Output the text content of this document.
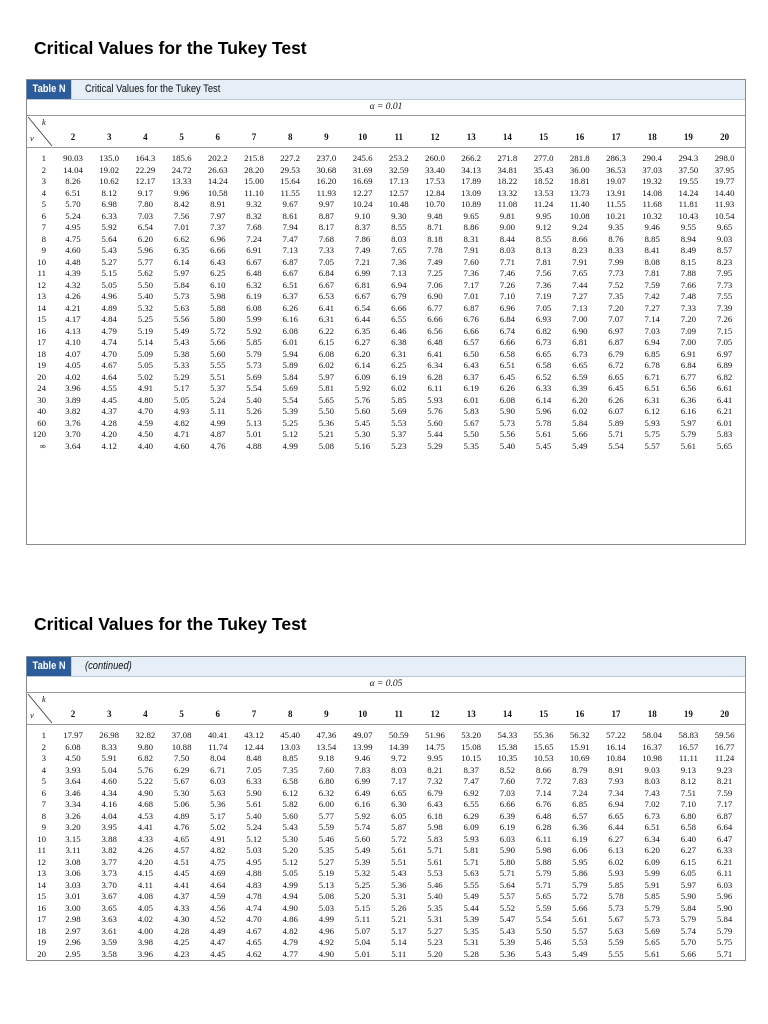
Critical Values for the Tukey Test
Table N	Critical Values for the Tukey Test
α = 0.01
k
ν	2	3	4	5	6	7	8	9	10	11	12	13	14	15	16	17	18	19	20
1	90.03	135.0	164.3	185.6	202.2	215.8	227.2	237.0	245.6	253.2	260.0	266.2	271.8	277.0	281.8	286.3	290.4	294.3	298.0
2	14.04	19.02	22.29	24.72	26.63	28.20	29.53	30.68	31.69	32.59	33.40	34.13	34.81	35.43	36.00	36.53	37.03	37.50	37.95
3	8.26	10.62	12.17	13.33	14.24	15.00	15.64	16.20	16.69	17.13	17.53	17.89	18.22	18.52	18.81	19.07	19.32	19.55	19.77
4	6.51	8.12	9.17	9.96	10.58	11.10	11.55	11.93	12.27	12.57	12.84	13.09	13.32	13.53	13.73	13.91	14.08	14.24	14.40
5	5.70	6.98	7.80	8.42	8.91	9.32	9.67	9.97	10.24	10.48	10.70	10.89	11.08	11.24	11.40	11.55	11.68	11.81	11.93
6	5.24	6.33	7.03	7.56	7.97	8.32	8.61	8.87	9.10	9.30	9.48	9.65	9.81	9.95	10.08	10.21	10.32	10.43	10.54
7	4.95	5.92	6.54	7.01	7.37	7.68	7.94	8.17	8.37	8.55	8.71	8.86	9.00	9.12	9.24	9.35	9.46	9.55	9.65
8	4.75	5.64	6.20	6.62	6.96	7.24	7.47	7.68	7.86	8.03	8.18	8.31	8.44	8.55	8.66	8.76	8.85	8.94	9.03
9	4.60	5.43	5.96	6.35	6.66	6.91	7.13	7.33	7.49	7.65	7.78	7.91	8.03	8.13	8.23	8.33	8.41	8.49	8.57
10	4.48	5.27	5.77	6.14	6.43	6.67	6.87	7.05	7.21	7.36	7.49	7.60	7.71	7.81	7.91	7.99	8.08	8.15	8.23
11	4.39	5.15	5.62	5.97	6.25	6.48	6.67	6.84	6.99	7.13	7.25	7.36	7.46	7.56	7.65	7.73	7.81	7.88	7.95
12	4.32	5.05	5.50	5.84	6.10	6.32	6.51	6.67	6.81	6.94	7.06	7.17	7.26	7.36	7.44	7.52	7.59	7.66	7.73
13	4.26	4.96	5.40	5.73	5.98	6.19	6.37	6.53	6.67	6.79	6.90	7.01	7.10	7.19	7.27	7.35	7.42	7.48	7.55
14	4.21	4.89	5.32	5.63	5.88	6.08	6.26	6.41	6.54	6.66	6.77	6.87	6.96	7.05	7.13	7.20	7.27	7.33	7.39
15	4.17	4.84	5.25	5.56	5.80	5.99	6.16	6.31	6.44	6.55	6.66	6.76	6.84	6.93	7.00	7.07	7.14	7.20	7.26
16	4.13	4.79	5.19	5.49	5.72	5.92	6.08	6.22	6.35	6.46	6.56	6.66	6.74	6.82	6.90	6.97	7.03	7.09	7.15
17	4.10	4.74	5.14	5.43	5.66	5.85	6.01	6.15	6.27	6.38	6.48	6.57	6.66	6.73	6.81	6.87	6.94	7.00	7.05
18	4.07	4.70	5.09	5.38	5.60	5.79	5.94	6.08	6.20	6.31	6.41	6.50	6.58	6.65	6.73	6.79	6.85	6.91	6.97
19	4.05	4.67	5.05	5.33	5.55	5.73	5.89	6.02	6.14	6.25	6.34	6.43	6.51	6.58	6.65	6.72	6.78	6.84	6.89
20	4.02	4.64	5.02	5.29	5.51	5.69	5.84	5.97	6.09	6.19	6.28	6.37	6.45	6.52	6.59	6.65	6.71	6.77	6.82
24	3.96	4.55	4.91	5.17	5.37	5.54	5.69	5.81	5.92	6.02	6.11	6.19	6.26	6.33	6.39	6.45	6.51	6.56	6.61
30	3.89	4.45	4.80	5.05	5.24	5.40	5.54	5.65	5.76	5.85	5.93	6.01	6.08	6.14	6.20	6.26	6.31	6.36	6.41
40	3.82	4.37	4.70	4.93	5.11	5.26	5.39	5.50	5.60	5.69	5.76	5.83	5.90	5.96	6.02	6.07	6.12	6.16	6.21
60	3.76	4.28	4.59	4.82	4.99	5.13	5.25	5.36	5.45	5.53	5.60	5.67	5.73	5.78	5.84	5.89	5.93	5.97	6.01
120	3.70	4.20	4.50	4.71	4.87	5.01	5.12	5.21	5.30	5.37	5.44	5.50	5.56	5.61	5.66	5.71	5.75	5.79	5.83
∞	3.64	4.12	4.40	4.60	4.76	4.88	4.99	5.08	5.16	5.23	5.29	5.35	5.40	5.45	5.49	5.54	5.57	5.61	5.65
Critical Values for the Tukey Test
Table N	(continued)
α = 0.05
k
ν	2	3	4	5	6	7	8	9	10	11	12	13	14	15	16	17	18	19	20
1	17.97	26.98	32.82	37.08	40.41	43.12	45.40	47.36	49.07	50.59	51.96	53.20	54.33	55.36	56.32	57.22	58.04	58.83	59.56
2	6.08	8.33	9.80	10.88	11.74	12.44	13.03	13.54	13.99	14.39	14.75	15.08	15.38	15.65	15.91	16.14	16.37	16.57	16.77
3	4.50	5.91	6.82	7.50	8.04	8.48	8.85	9.18	9.46	9.72	9.95	10.15	10.35	10.53	10.69	10.84	10.98	11.11	11.24
4	3.93	5.04	5.76	6.29	6.71	7.05	7.35	7.60	7.83	8.03	8.21	8.37	8.52	8.66	8.79	8.91	9.03	9.13	9.23
5	3.64	4.60	5.22	5.67	6.03	6.33	6.58	6.80	6.99	7.17	7.32	7.47	7.60	7.72	7.83	7.93	8.03	8.12	8.21
6	3.46	4.34	4.90	5.30	5.63	5.90	6.12	6.32	6.49	6.65	6.79	6.92	7.03	7.14	7.24	7.34	7.43	7.51	7.59
7	3.34	4.16	4.68	5.06	5.36	5.61	5.82	6.00	6.16	6.30	6.43	6.55	6.66	6.76	6.85	6.94	7.02	7.10	7.17
8	3.26	4.04	4.53	4.89	5.17	5.40	5.60	5.77	5.92	6.05	6.18	6.29	6.39	6.48	6.57	6.65	6.73	6.80	6.87
9	3.20	3.95	4.41	4.76	5.02	5.24	5.43	5.59	5.74	5.87	5.98	6.09	6.19	6.28	6.36	6.44	6.51	6.58	6.64
10	3.15	3.88	4.33	4.65	4.91	5.12	5.30	5.46	5.60	5.72	5.83	5.93	6.03	6.11	6.19	6.27	6.34	6.40	6.47
11	3.11	3.82	4.26	4.57	4.82	5.03	5.20	5.35	5.49	5.61	5.71	5.81	5.90	5.98	6.06	6.13	6.20	6.27	6.33
12	3.08	3.77	4.20	4.51	4.75	4.95	5.12	5.27	5.39	5.51	5.61	5.71	5.80	5.88	5.95	6.02	6.09	6.15	6.21
13	3.06	3.73	4.15	4.45	4.69	4.88	5.05	5.19	5.32	5.43	5.53	5.63	5.71	5.79	5.86	5.93	5.99	6.05	6.11
14	3.03	3.70	4.11	4.41	4.64	4.83	4.99	5.13	5.25	5.36	5.46	5.55	5.64	5.71	5.79	5.85	5.91	5.97	6.03
15	3.01	3.67	4.08	4.37	4.59	4.78	4.94	5.08	5.20	5.31	5.40	5.49	5.57	5.65	5.72	5.78	5.85	5.90	5.96
16	3.00	3.65	4.05	4.33	4.56	4.74	4.90	5.03	5.15	5.26	5.35	5.44	5.52	5.59	5.66	5.73	5.79	5.84	5.90
17	2.98	3.63	4.02	4.30	4.52	4.70	4.86	4.99	5.11	5.21	5.31	5.39	5.47	5.54	5.61	5.67	5.73	5.79	5.84
18	2.97	3.61	4.00	4.28	4.49	4.67	4.82	4.96	5.07	5.17	5.27	5.35	5.43	5.50	5.57	5.63	5.69	5.74	5.79
19	2.96	3.59	3.98	4.25	4.47	4.65	4.79	4.92	5.04	5.14	5.23	5.31	5.39	5.46	5.53	5.59	5.65	5.70	5.75
20	2.95	3.58	3.96	4.23	4.45	4.62	4.77	4.90	5.01	5.11	5.20	5.28	5.36	5.43	5.49	5.55	5.61	5.66	5.71
